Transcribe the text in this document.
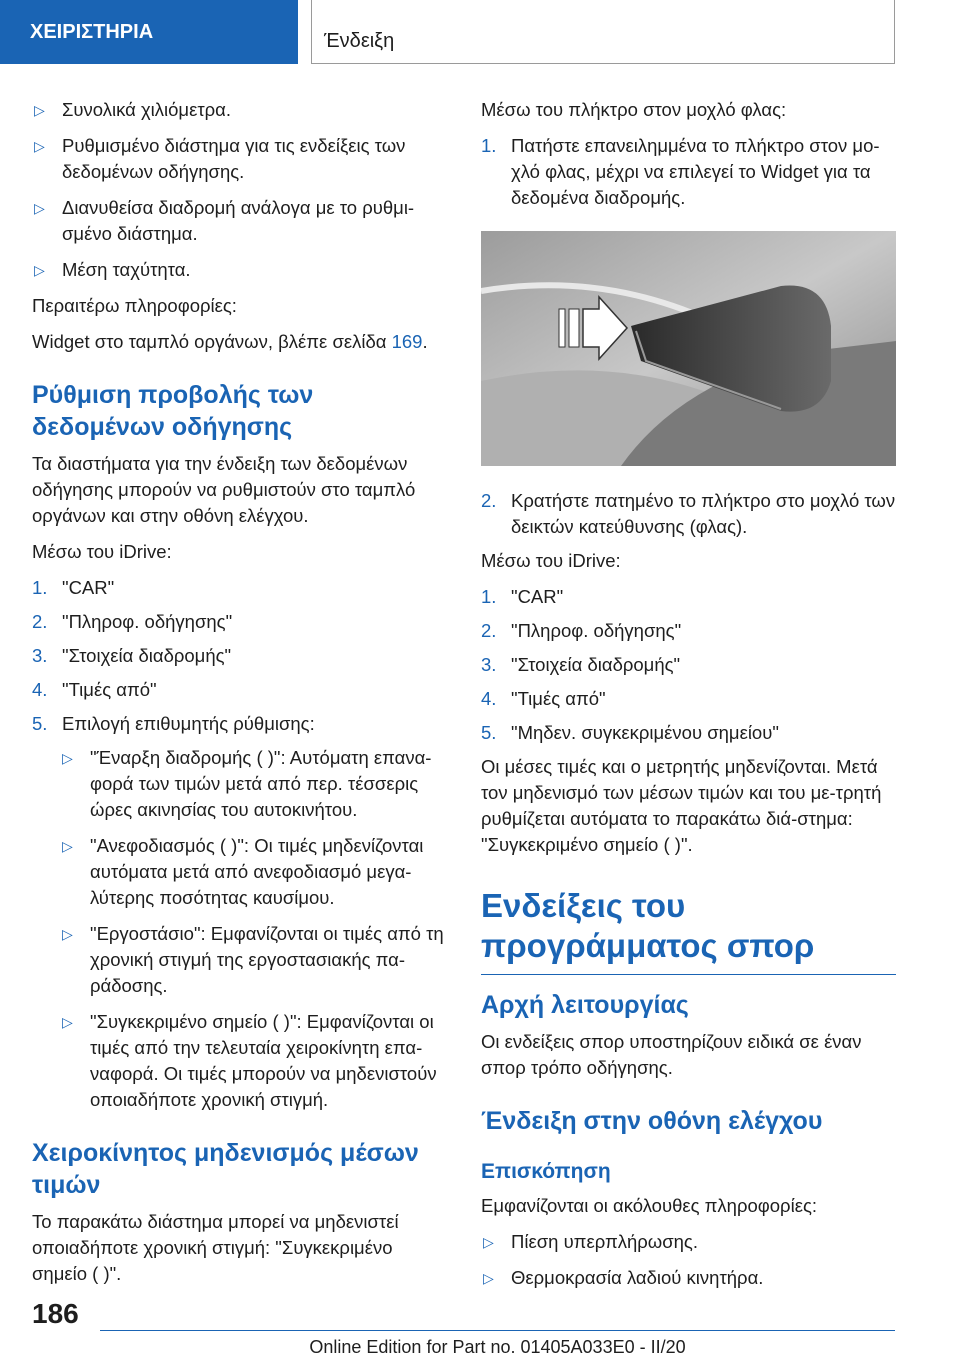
ΧΕΙΡΙΣΤΗΡΙΑ	Ένδειξη
▷ Συνολικά χιλιόμετρα.
▷ Ρυθμισμένο διάστημα για τις ενδείξεις των δεδομένων οδήγησης.
▷ Διανυθείσα διαδρομή ανάλογα με το ρυθμι‐σμένο διάστημα.
▷ Μέση ταχύτητα.

Περαιτέρω πληροφορίες:

Widget στο ταμπλό οργάνων, βλέπε σελίδα 169.

Ρύθμιση προβολής των δεδομένων οδήγησης

Τα διαστήματα για την ένδειξη των δεδομένων οδήγησης μπορούν να ρυθμιστούν στο ταμπλό οργάνων και στην οθόνη ελέγχου.

Μέσω του iDrive:

1. "CAR"
2. "Πληροφ. οδήγησης"
3. "Στοιχεία διαδρομής"
4. "Τιμές από"
5. Επιλογή επιθυμητής ρύθμισης:
▷ "Έναρξη διαδρομής ( )": Αυτόματη επανα‐φορά των τιμών μετά από περ. τέσσερις ώρες ακινησίας του αυτοκινήτου.
▷ "Ανεφοδιασμός ( )": Οι τιμές μηδενίζονται αυτόματα μετά από ανεφοδιασμό μεγα‐λύτερης ποσότητας καυσίμου.
▷ "Εργοστάσιο": Εμφανίζονται οι τιμές από τη χρονική στιγμή της εργοστασιακής πα‐ράδοσης.
▷ "Συγκεκριμένο σημείο ( )": Εμφανίζονται οι τιμές από την τελευταία χειροκίνητη επα‐ναφορά. Οι τιμές μπορούν να μηδενιστούν οποιαδήποτε χρονική στιγμή.
Χειροκίνητος μηδενισμός μέσων τιμών

Το παρακάτω διάστημα μπορεί να μηδενιστεί οποιαδήποτε χρονική στιγμή: "Συγκεκριμένο σημείο ( )".

Μέσω του πλήκτρο στον μοχλό φλας:

1. Πατήστε επανειλημμένα το πλήκτρο στον μο‐χλό φλας, μέχρι να επιλεγεί το Widget για τα δεδομένα διαδρομής.
2. Κρατήστε πατημένο το πλήκτρο στο μοχλό των δεικτών κατεύθυνσης (φλας).

Μέσω του iDrive:

1. "CAR"
2. "Πληροφ. οδήγησης"
3. "Στοιχεία διαδρομής"
4. "Τιμές από"
5. "Μηδεν. συγκεκριμένου σημείου"

Οι μέσες τιμές και ο μετρητής μηδενίζονται. Μετά τον μηδενισμό των μέσων τιμών και του με‐τρητή ρυθμίζεται αυτόματα το παρακάτω διά‐στημα: "Συγκεκριμένο σημείο ( )".

Ενδείξεις του προγράμματος σπορ
Αρχή λειτουργίας

Οι ενδείξεις σπορ υποστηρίζουν ειδικά σε έναν σπορ τρόπο οδήγησης.

Ένδειξη στην οθόνη ελέγχου
Επισκόπηση

Εμφανίζονται οι ακόλουθες πληροφορίες:

▷ Πίεση υπερπλήρωσης.
▷ Θερμοκρασία λαδιού κινητήρα.
186
Online Edition for Part no. 01405A033E0 - II/20
